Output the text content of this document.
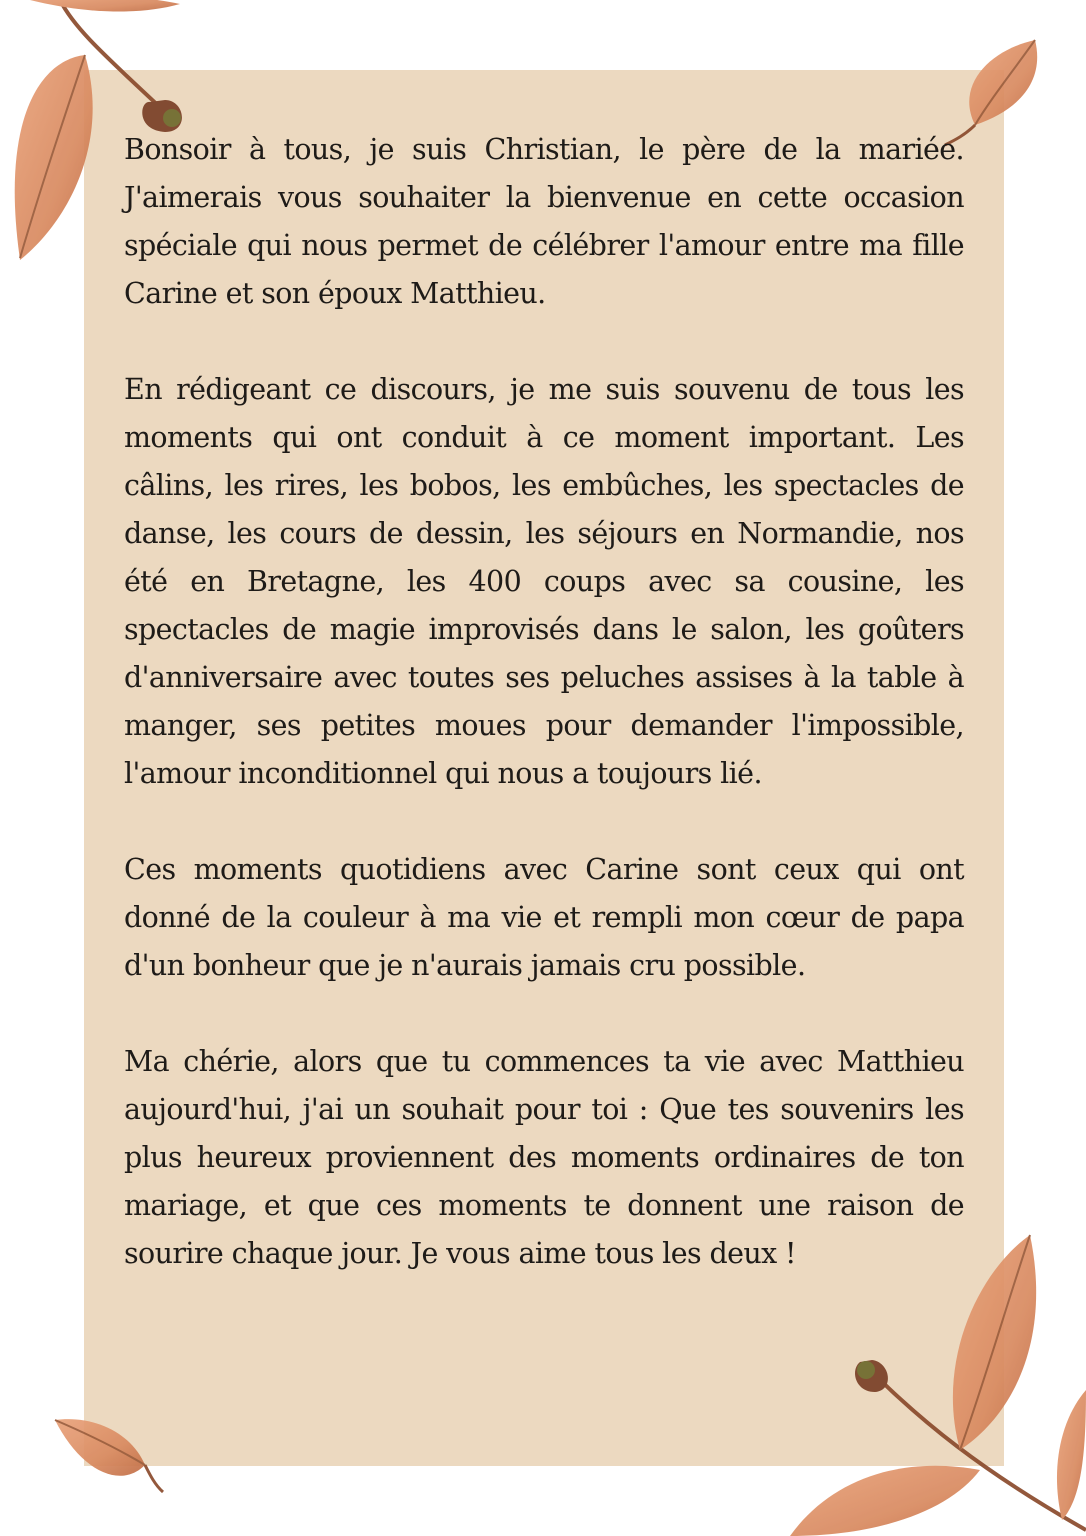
Bonsoir à tous, je suis Christian, le père de la mariée. J'aimerais vous souhaiter la bienvenue en cette occasion spéciale qui nous permet de célébrer l'amour entre ma fille Carine et son époux Matthieu.

En rédigeant ce discours, je me suis souvenu de tous les moments qui ont conduit à ce moment important. Les câlins, les rires, les bobos, les embûches, les spectacles de danse, les cours de dessin, les séjours en Normandie, nos été en Bretagne, les 400 coups avec sa cousine, les spectacles de magie improvisés dans le salon, les goûters d'anniversaire avec toutes ses peluches assises à la table à manger, ses petites moues pour demander l'impossible, l'amour inconditionnel qui nous a toujours lié.

Ces moments quotidiens avec Carine sont ceux qui ont donné de la couleur à ma vie et rempli mon cœur de papa d'un bonheur que je n'aurais jamais cru possible.

Ma chérie, alors que tu commences ta vie avec Matthieu aujourd'hui, j'ai un souhait pour toi : Que tes souvenirs les plus heureux proviennent des moments ordinaires de ton mariage, et que ces moments te donnent une raison de sourire chaque jour. Je vous aime tous les deux !
